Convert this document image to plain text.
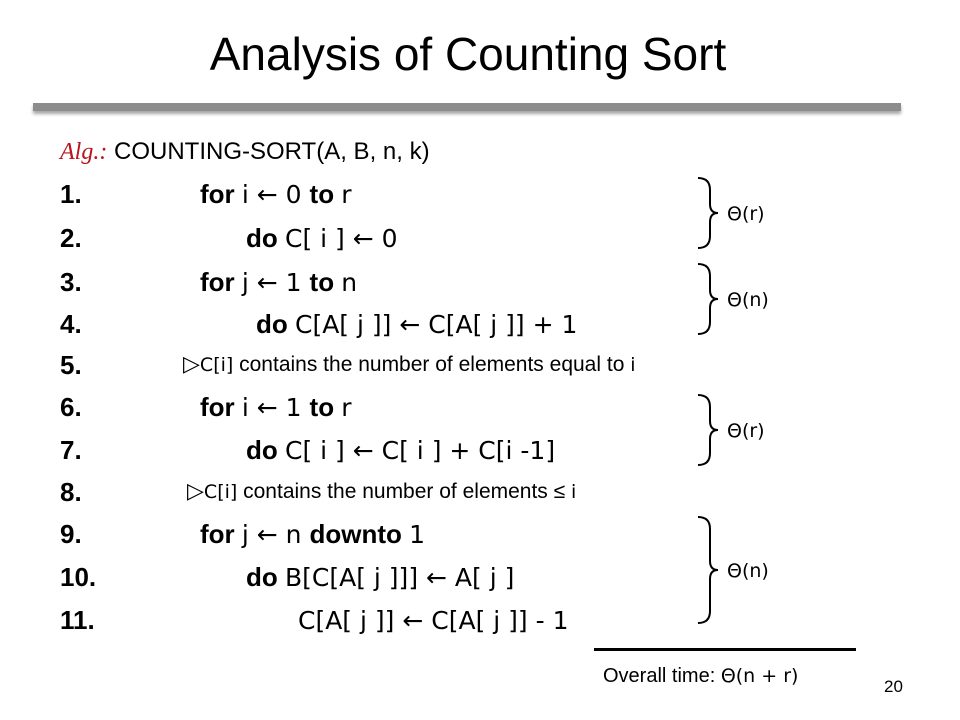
Analysis of Counting Sort
Alg.: COUNTING-SORT(A, B, n, k)
1.	for i ← 0 to r
2.	do C[ i ] ← 0
3.	for j ← 1 to n
4.	do C[A[ j ]] ← C[A[ j ]] + 1
5.	▷C[i] contains the number of elements equal to i
6.	for i ← 1 to r
7.	do C[ i ] ← C[ i ] + C[i -1]
8.	▷C[i] contains the number of elements ≤ i
9.	for j ← n downto 1
10.	do B[C[A[ j ]]] ← A[ j ]
11.	C[A[ j ]] ← C[A[ j ]] - 1
Θ(r)
Θ(n)
Θ(r)
Θ(n)
Overall time: Θ(n + r)	20
